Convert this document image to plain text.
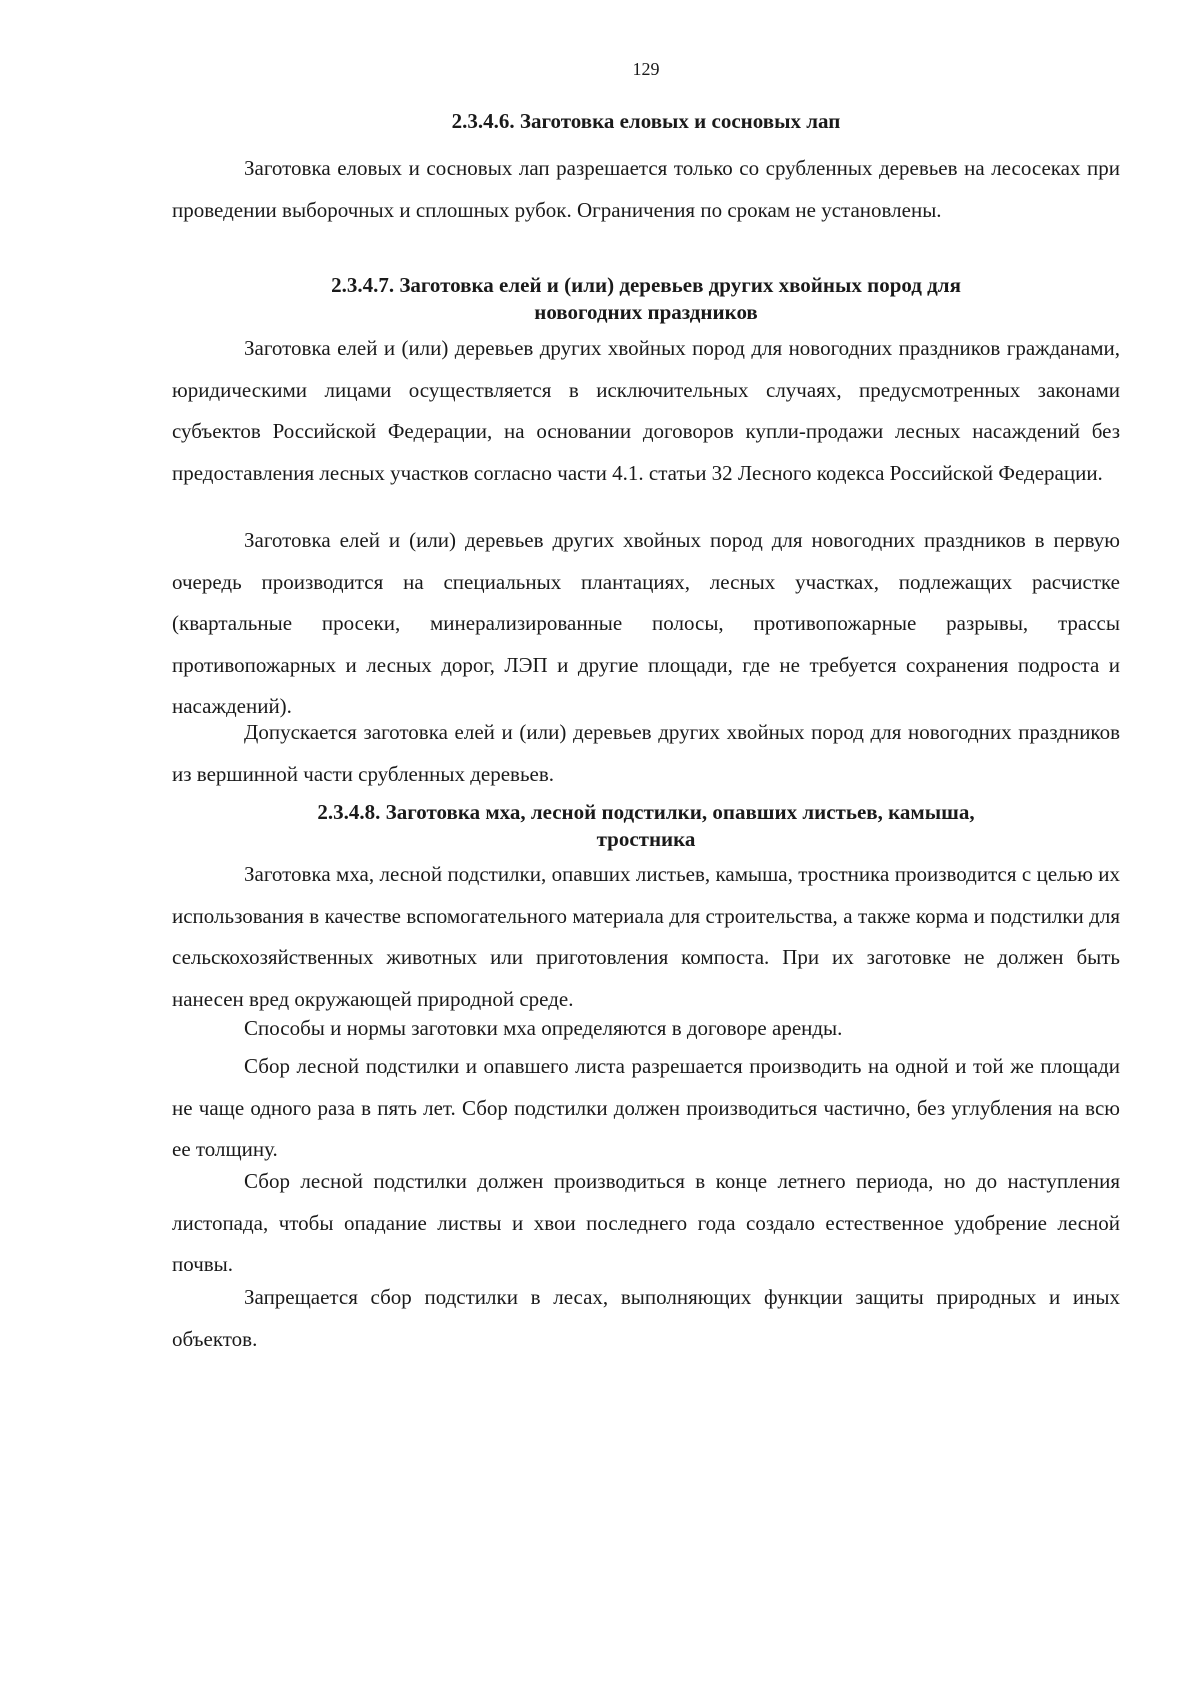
129
2.3.4.6. Заготовка еловых и сосновых лап

Заготовка еловых и сосновых лап разрешается только со срубленных деревьев на лесосеках при проведении выборочных и сплошных рубок. Ограничения по срокам не установлены.

2.3.4.7. Заготовка елей и (или) деревьев других хвойных пород для
новогодних праздников

Заготовка елей и (или) деревьев других хвойных пород для новогодних праздников гражданами, юридическими лицами осуществляется в исключительных случаях, предусмотренных законами субъектов Российской Федерации, на основании договоров купли-продажи лесных насаждений без предоставления лесных участков согласно части 4.1. статьи 32 Лесного кодекса Российской Федерации.

Заготовка елей и (или) деревьев других хвойных пород для новогодних праздников в первую очередь производится на специальных плантациях, лесных участках, подлежащих расчистке (квартальные просеки, минерализированные полосы, противопожарные разрывы, трассы противопожарных и лесных дорог, ЛЭП и другие площади, где не требуется сохранения подроста и насаждений).

Допускается заготовка елей и (или) деревьев других хвойных пород для новогодних праздников из вершинной части срубленных деревьев.

2.3.4.8. Заготовка мха, лесной подстилки, опавших листьев, камыша,
тростника

Заготовка мха, лесной подстилки, опавших листьев, камыша, тростника производится с целью их использования в качестве вспомогательного материала для строительства, а также корма и подстилки для сельскохозяйственных животных или приготовления компоста. При их заготовке не должен быть нанесен вред окружающей природной среде.

Способы и нормы заготовки мха определяются в договоре аренды.

Сбор лесной подстилки и опавшего листа разрешается производить на одной и той же площади не чаще одного раза в пять лет. Сбор подстилки должен производиться частично, без углубления на всю ее толщину.

Сбор лесной подстилки должен производиться в конце летнего периода, но до наступления листопада, чтобы опадание листвы и хвои последнего года создало естественное удобрение лесной почвы.

Запрещается сбор подстилки в лесах, выполняющих функции защиты природных и иных объектов.
